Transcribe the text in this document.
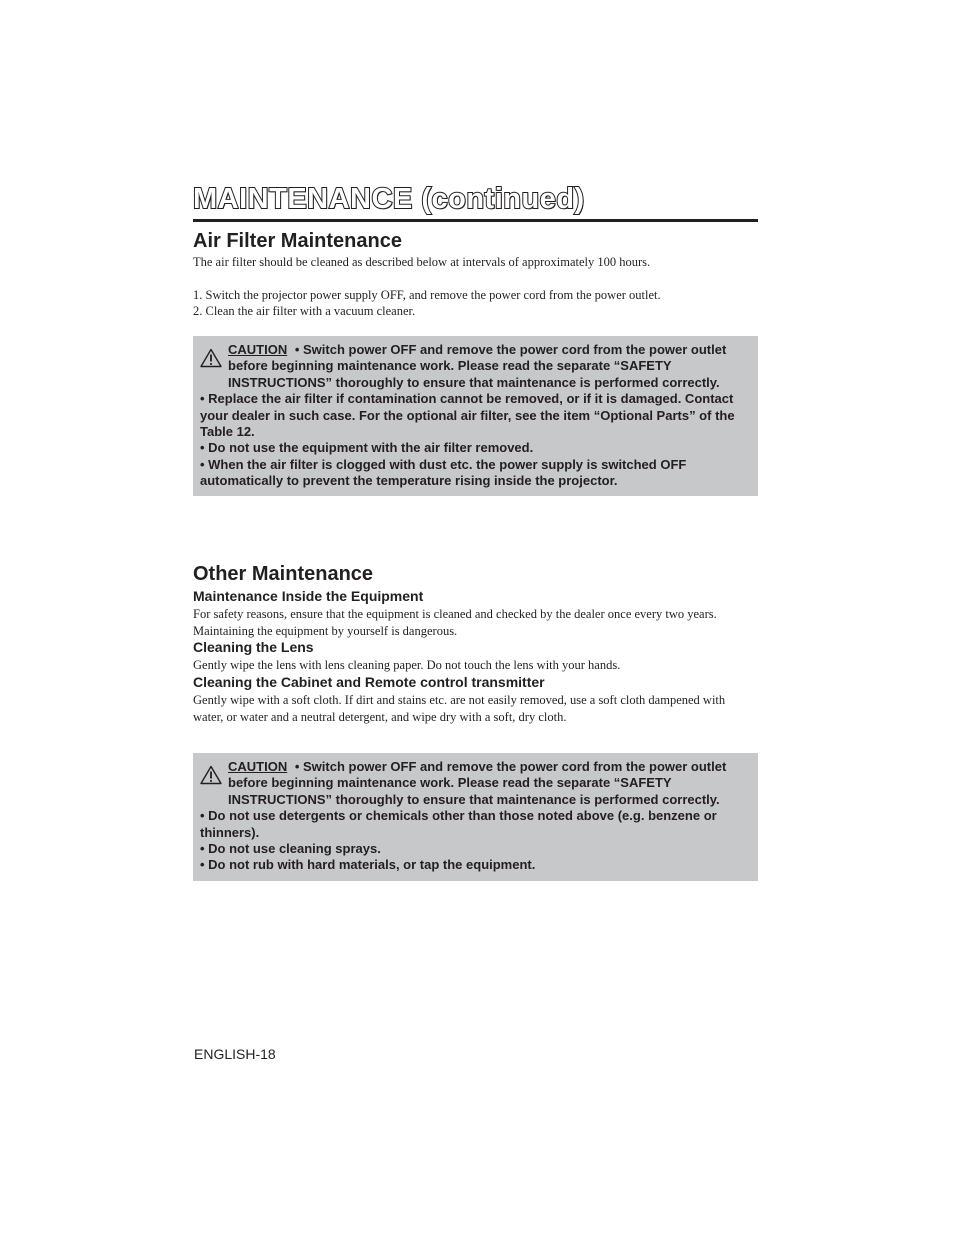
MAINTENANCE (continued)
Air Filter Maintenance

The air filter should be cleaned as described below at intervals of approximately 100 hours.

1. Switch the projector power supply OFF, and remove the power cord from the power outlet.

2. Clean the air filter with a vacuum cleaner.

CAUTION • Switch power OFF and remove the power cord from the power outlet before beginning maintenance work. Please read the separate “SAFETY INSTRUCTIONS” thoroughly to ensure that maintenance is performed correctly.
• Replace the air filter if contamination cannot be removed, or if it is damaged. Contact your dealer in such case. For the optional air filter, see the item “Optional Parts” of the Table 12.
• Do not use the equipment with the air filter removed.
• When the air filter is clogged with dust etc. the power supply is switched OFF automatically to prevent the temperature rising inside the projector.
Other Maintenance
Maintenance Inside the Equipment

For safety reasons, ensure that the equipment is cleaned and checked by the dealer once every two years. Maintaining the equipment by yourself is dangerous.

Cleaning the Lens

Gently wipe the lens with lens cleaning paper. Do not touch the lens with your hands.

Cleaning the Cabinet and Remote control transmitter

Gently wipe with a soft cloth. If dirt and stains etc. are not easily removed, use a soft cloth dampened with water, or water and a neutral detergent, and wipe dry with a soft, dry cloth.

CAUTION • Switch power OFF and remove the power cord from the power outlet before beginning maintenance work. Please read the separate “SAFETY INSTRUCTIONS” thoroughly to ensure that maintenance is performed correctly.
• Do not use detergents or chemicals other than those noted above (e.g. benzene or thinners).
• Do not use cleaning sprays.
• Do not rub with hard materials, or tap the equipment.
ENGLISH-18
